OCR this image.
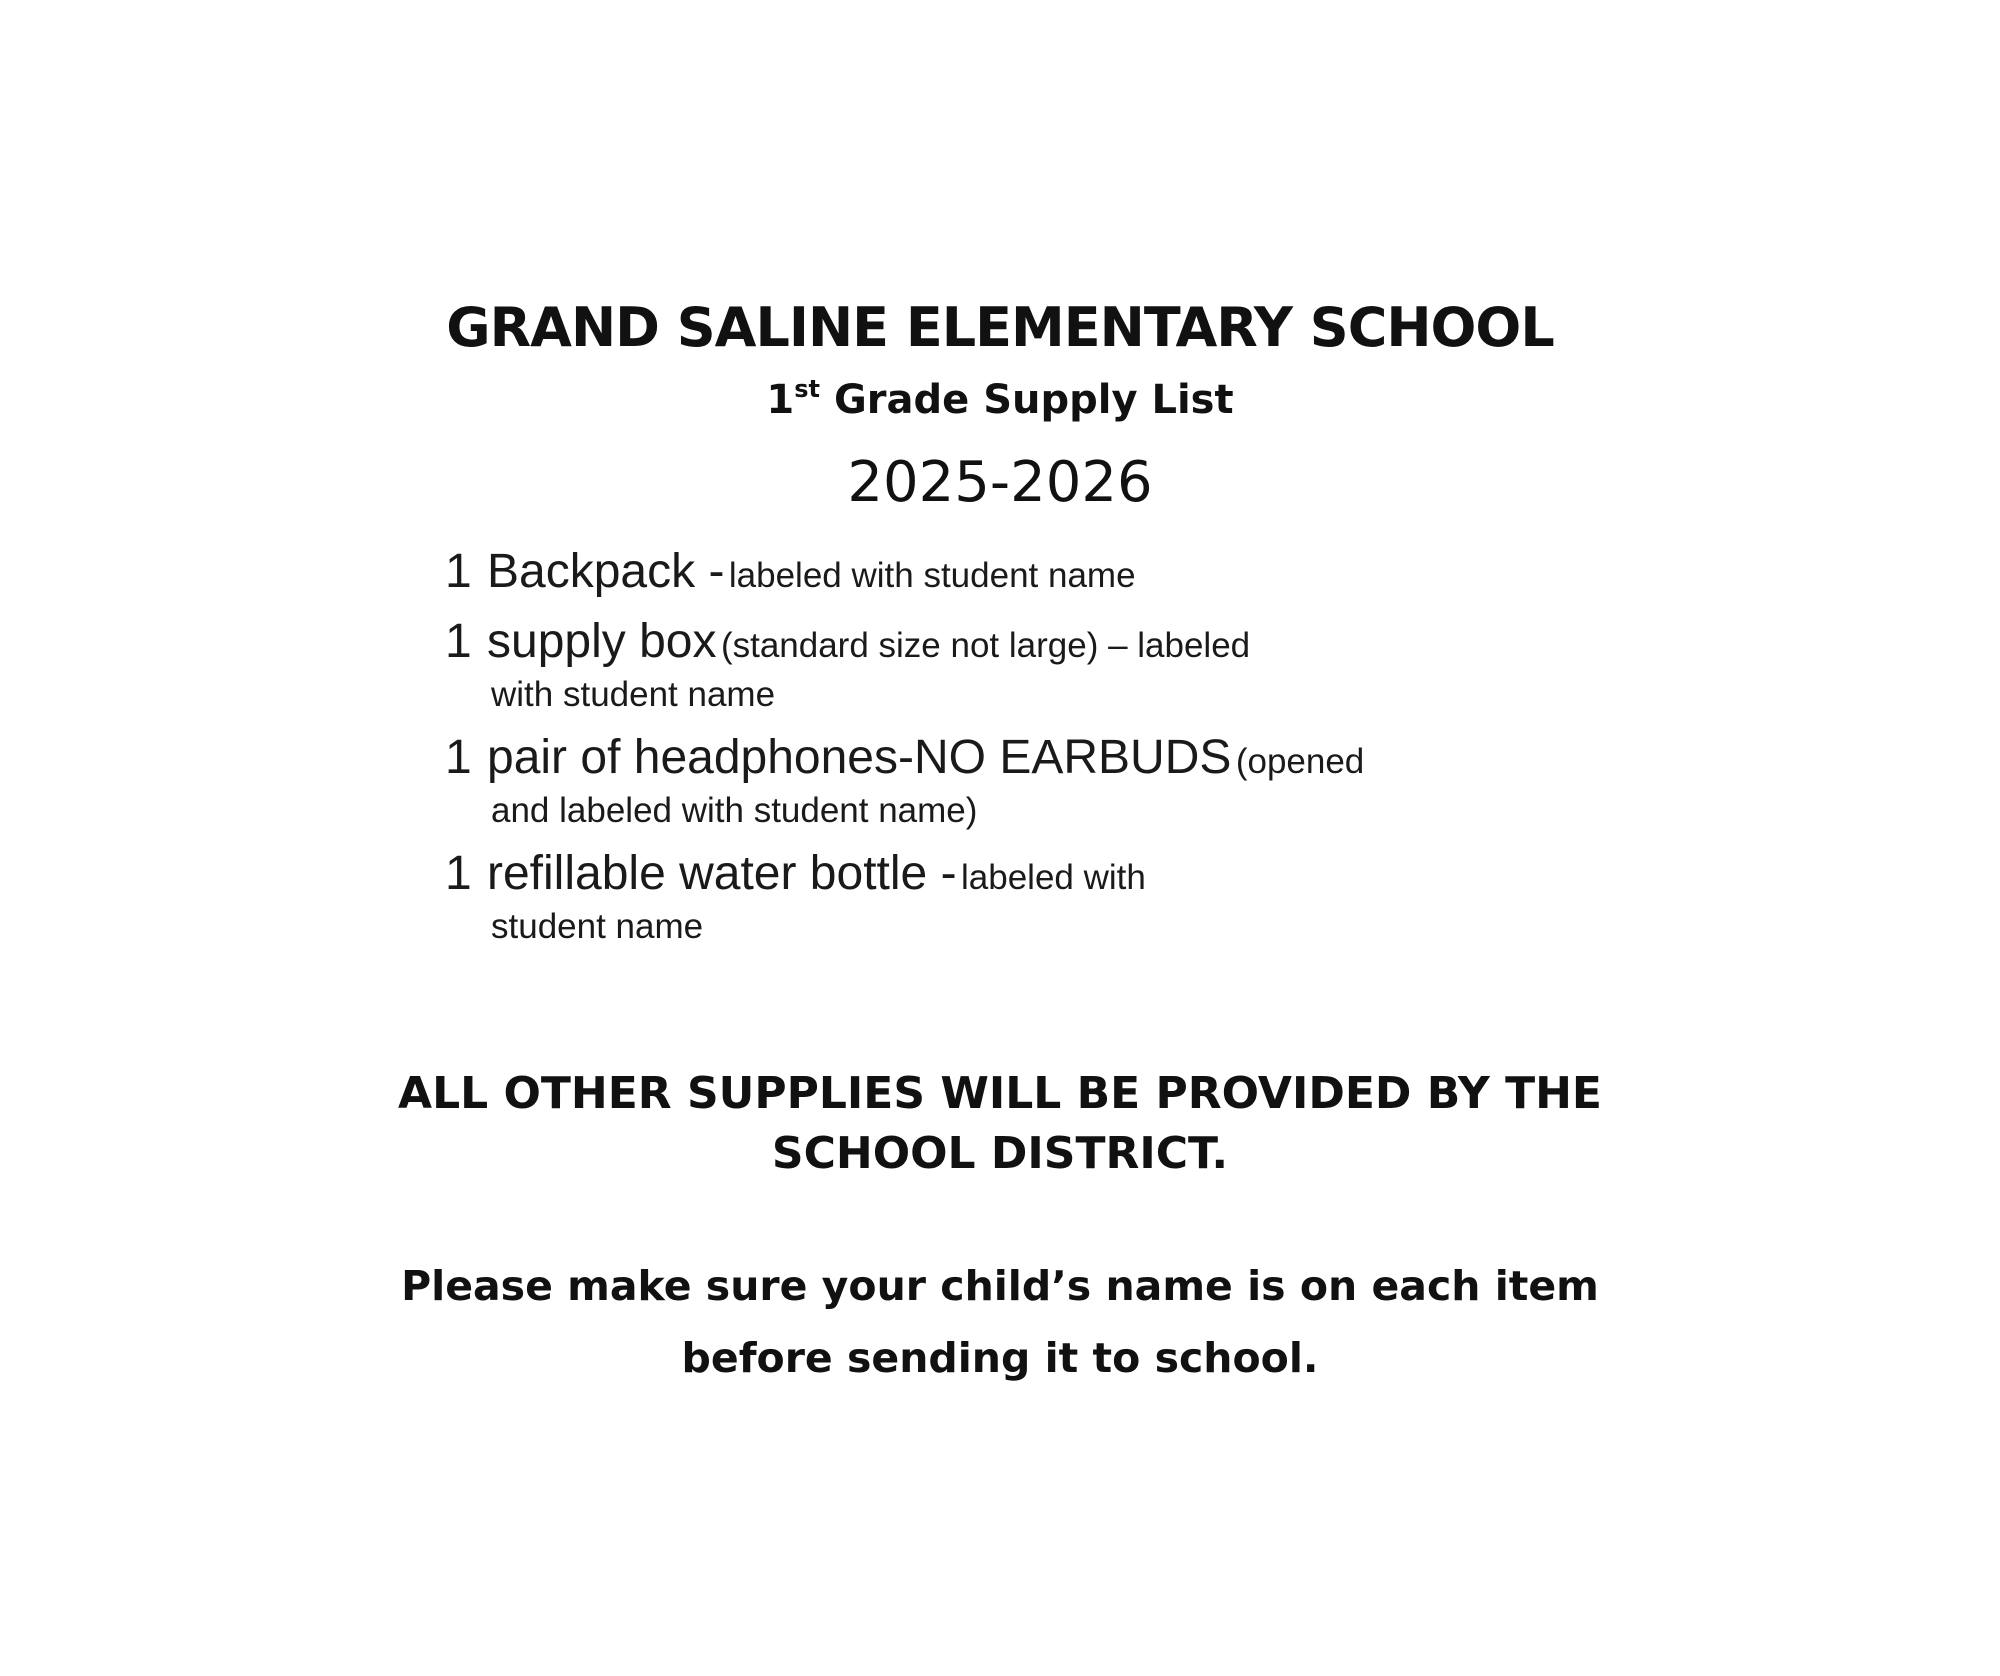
GRAND SALINE ELEMENTARY SCHOOL
1st Grade Supply List
2025-2026
1 Backpack - labeled with student name
1 supply box (standard size not large) – labeled
with student name
1 pair of headphones-NO EARBUDS (opened
and labeled with student name)
1 refillable water bottle - labeled with
student name

ALL OTHER SUPPLIES WILL BE PROVIDED BY THE
SCHOOL DISTRICT.

Please make sure your child’s name is on each item
before sending it to school.
